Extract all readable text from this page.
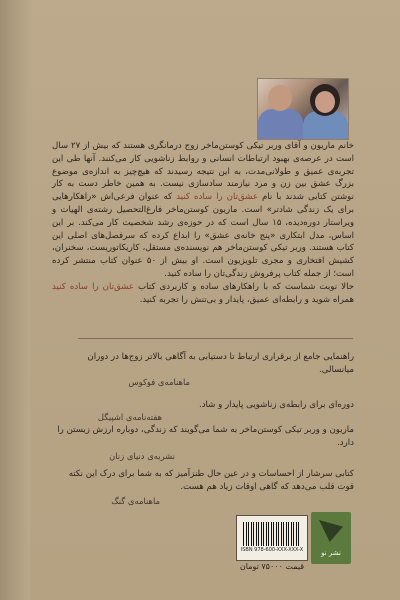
خانم ماریون و آقای وربر تیکی کوستن‌ماخر زوج درمانگری هستند که بیش از ۲۷ سال است در عرصه‌ی بهبود ارتباطات انسانی و روابط زناشویی کار می‌کنند. آنها طی این تجربه‌ی عمیق و طولانی‌مدت، به این نتیجه رسیدند که هیچ‌چیز به اندازه‌ی موضوع بزرگ عشق بین زن و مرد نیازمند سادسازی نیست. به همین خاطر دست به کار نوشتن کتابی شدند با نام عشق‌تان را ساده کنید که عنوان فرعی‌اش «راهکارهایی برای یک زندگی شادتر» است. ماریون کوستن‌ماخر فارغ‌التحصیل رشته‌ی الهیات و ویراستار دوره‌دیده، ۱۵ سال است که در حوزه‌ی رشد شخصیت کار می‌کند. بر این اساس، مدل ابتکاری «پنج خانه‌ی عشق» را ابداع کرده که سرفصل‌های اصلی این کتاب هستند. وربر تیکی کوستن‌ماخر هم نویسنده‌ی مستقل، کاریکاتوریست، سخنران، کشیش افتخاری و مجری تلویزیون است. او بیش از ۵۰ عنوان کتاب منتشر کرده است؛ از جمله کتاب پرفروش زندگی‌تان را ساده کنید.
حالا نوبت شماست که با راهکارهای ساده و کاربردی کتاب عشق‌تان را ساده کنید همراه شوید و رابطه‌ای عمیق، پایدار و بی‌تنش را تجربه کنید.
راهنمایی جامع از برقراری ارتباط تا دستیابی به آگاهی بالاتر زوج‌ها در دوران میانسالی.
ماهنامه‌ی فوکوس
دوره‌ای برای رابطه‌ی زناشویی پایدار و شاد.
هفته‌نامه‌ی اشپیگل
ماریون و وربر تیکی کوستن‌ماخر به شما می‌گویند که زندگی، دوباره ارزش زیستن را دارد.
نشریه‌ی دنیای زنان
کتابی سرشار از احساسات و در عین حال طنزآمیز که به شما برای درک این نکته قوت قلب می‌دهد که گاهی اوقات زیاد هم هست.
ماهنامه‌ی گنگ
ISBN 978-600-XXX-XXX-X
قیمت ۷۵۰۰۰ تومان
نشر نو
